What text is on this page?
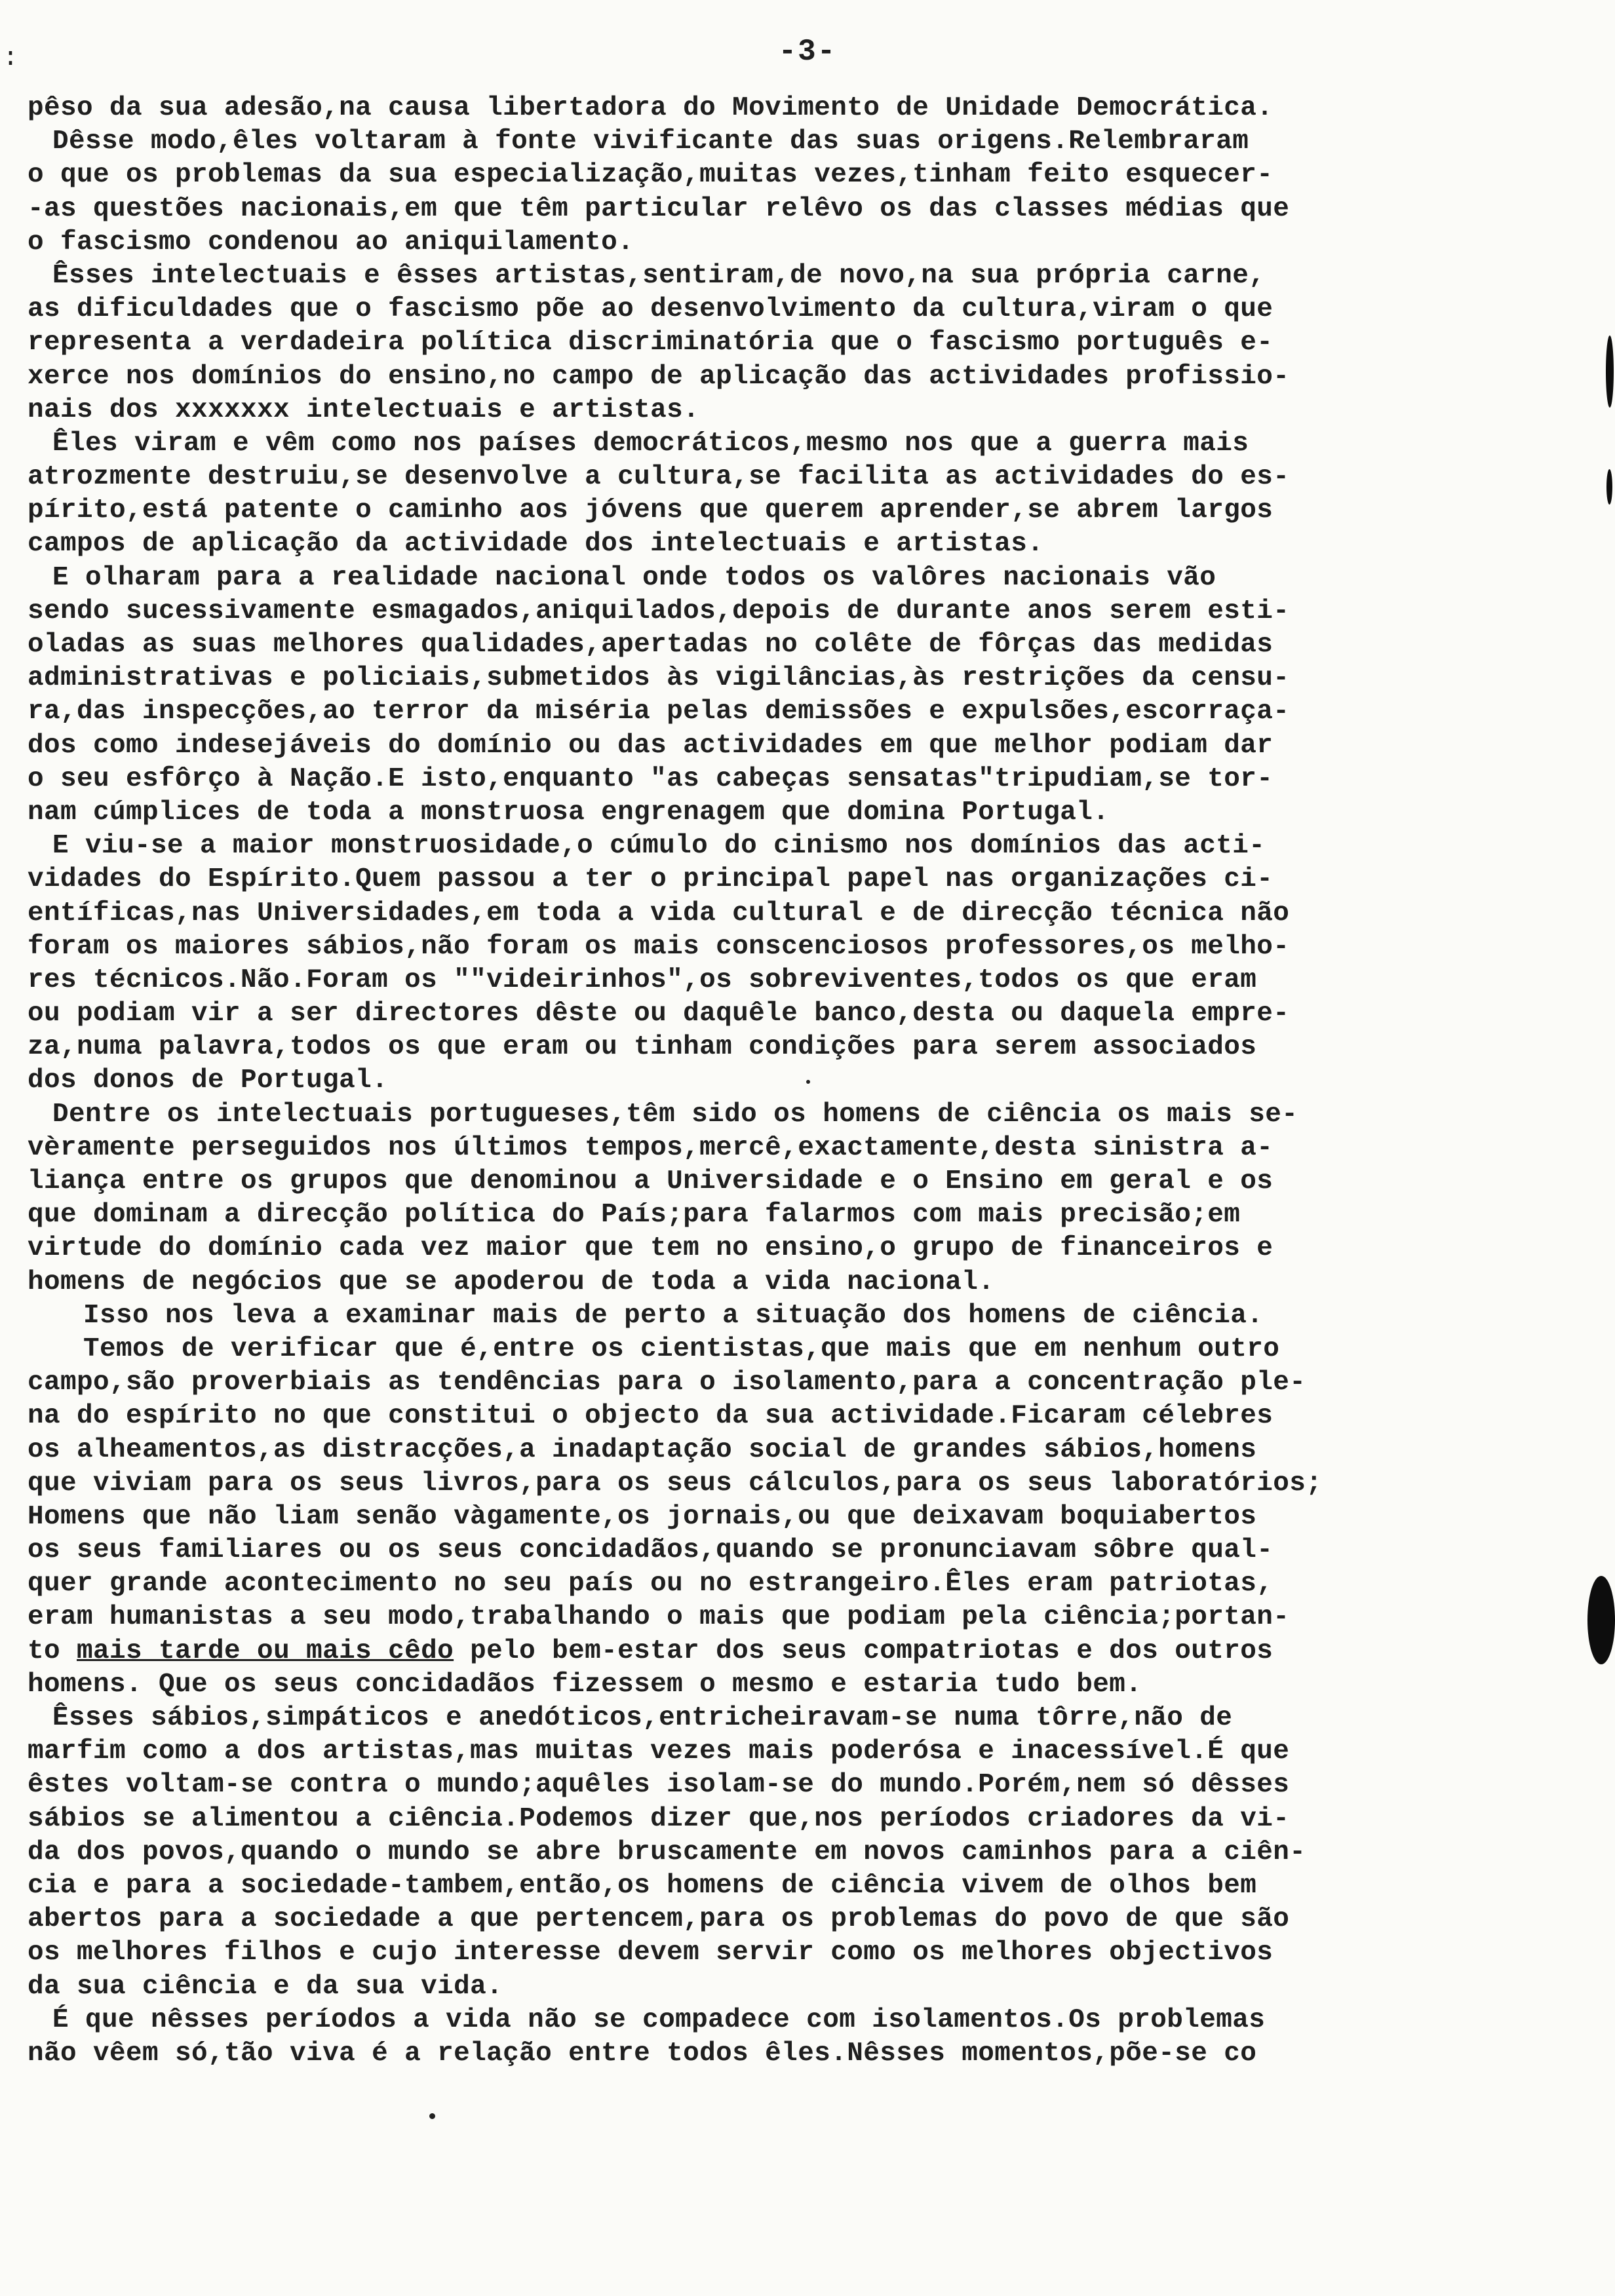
:	-3-
pêso da sua adesão,na causa libertadora do Movimento de Unidade Democrática.
Dêsse modo,êles voltaram à fonte vivificante das suas origens.Relembraram
o que os problemas da sua especialização,muitas vezes,tinham feito esquecer-
-as questões nacionais,em que têm particular relêvo os das classes médias que
o fascismo condenou ao aniquilamento.
Êsses intelectuais e êsses artistas,sentiram,de novo,na sua própria carne,
as dificuldades que o fascismo põe ao desenvolvimento da cultura,viram o que
representa a verdadeira política discriminatória que o fascismo português e-
xerce nos domínios do ensino,no campo de aplicação das actividades profissio-
nais dos xxxxxxx intelectuais e artistas.
Êles viram e vêm como nos países democráticos,mesmo nos que a guerra mais
atrozmente destruiu,se desenvolve a cultura,se facilita as actividades do es-
pírito,está patente o caminho aos jóvens que querem aprender,se abrem largos
campos de aplicação da actividade dos intelectuais e artistas.
E olharam para a realidade nacional onde todos os valôres nacionais vão
sendo sucessivamente esmagados,aniquilados,depois de durante anos serem esti-
oladas as suas melhores qualidades,apertadas no colête de fôrças das medidas
administrativas e policiais,submetidos às vigilâncias,às restrições da censu-
ra,das inspecções,ao terror da miséria pelas demissões e expulsões,escorraça-
dos como indesejáveis do domínio ou das actividades em que melhor podiam dar
o seu esfôrço à Nação.E isto,enquanto "as cabeças sensatas"tripudiam,se tor-
nam cúmplices de toda a monstruosa engrenagem que domina Portugal.
E viu-se a maior monstruosidade,o cúmulo do cinismo nos domínios das acti-
vidades do Espírito.Quem passou a ter o principal papel nas organizações ci-
entíficas,nas Universidades,em toda a vida cultural e de direcção técnica não
foram os maiores sábios,não foram os mais conscenciosos professores,os melho-
res técnicos.Não.Foram os ""videirinhos",os sobreviventes,todos os que eram
ou podiam vir a ser directores dêste ou daquêle banco,desta ou daquela empre-
za,numa palavra,todos os que eram ou tinham condições para serem associados
dos donos de Portugal.
Dentre os intelectuais portugueses,têm sido os homens de ciência os mais se-
vèramente perseguidos nos últimos tempos,mercê,exactamente,desta sinistra a-
liança entre os grupos que denominou a Universidade e o Ensino em geral e os
que dominam a direcção política do País;para falarmos com mais precisão;em
virtude do domínio cada vez maior que tem no ensino,o grupo de financeiros e
homens de negócios que se apoderou de toda a vida nacional.
Isso nos leva a examinar mais de perto a situação dos homens de ciência.
Temos de verificar que é,entre os cientistas,que mais que em nenhum outro
campo,são proverbiais as tendências para o isolamento,para a concentração ple-
na do espírito no que constitui o objecto da sua actividade.Ficaram célebres
os alheamentos,as distracções,a inadaptação social de grandes sábios,homens
que viviam para os seus livros,para os seus cálculos,para os seus laboratórios;
Homens que não liam senão vàgamente,os jornais,ou que deixavam boquiabertos
os seus familiares ou os seus concidadãos,quando se pronunciavam sôbre qual-
quer grande acontecimento no seu país ou no estrangeiro.Êles eram patriotas,
eram humanistas a seu modo,trabalhando o mais que podiam pela ciência;portan-
to mais tarde ou mais cêdo pelo bem-estar dos seus compatriotas e dos outros
homens. Que os seus concidadãos fizessem o mesmo e estaria tudo bem.
Êsses sábios,simpáticos e anedóticos,entricheiravam-se numa tôrre,não de
marfim como a dos artistas,mas muitas vezes mais poderósa e inacessível.É que
êstes voltam-se contra o mundo;aquêles isolam-se do mundo.Porém,nem só dêsses
sábios se alimentou a ciência.Podemos dizer que,nos períodos criadores da vi-
da dos povos,quando o mundo se abre bruscamente em novos caminhos para a ciên-
cia e para a sociedade-tambem,então,os homens de ciência vivem de olhos bem
abertos para a sociedade a que pertencem,para os problemas do povo de que são
os melhores filhos e cujo interesse devem servir como os melhores objectivos
da sua ciência e da sua vida.
É que nêsses períodos a vida não se compadece com isolamentos.Os problemas
não vêem só,tão viva é a relação entre todos êles.Nêsses momentos,põe-se co
